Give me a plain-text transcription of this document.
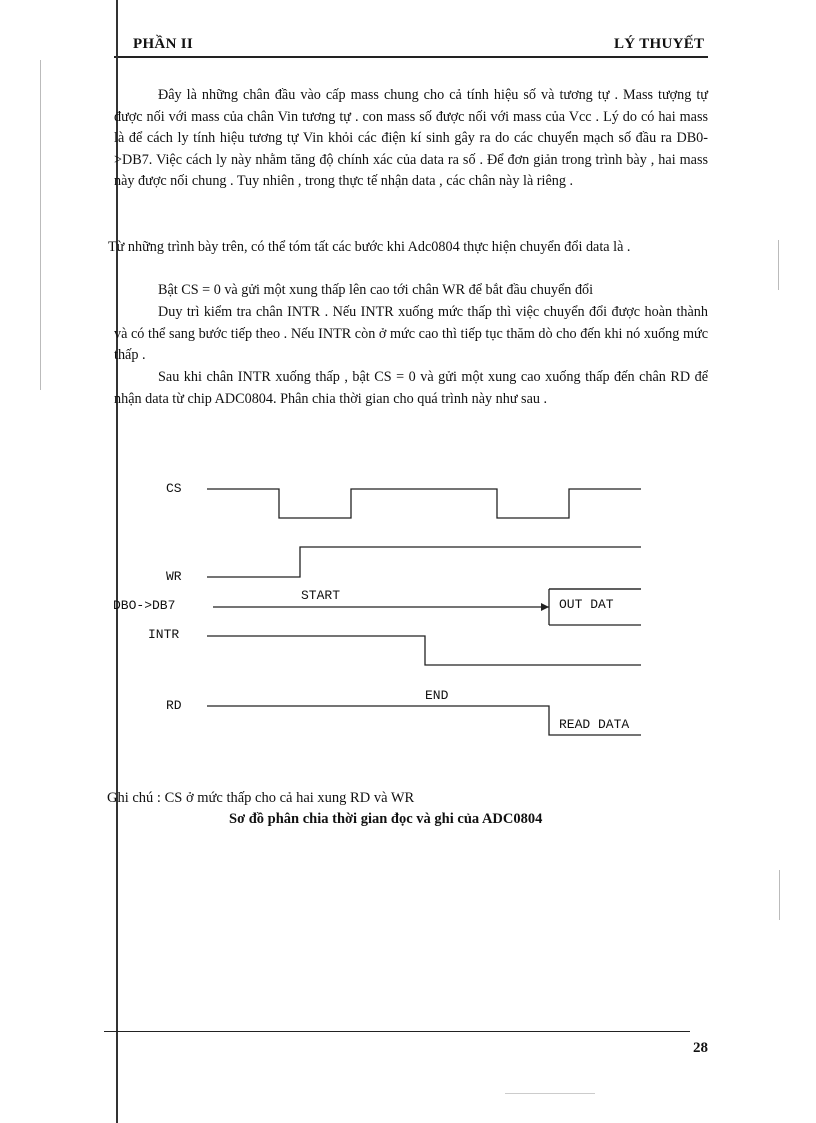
PHẦN II	LÝ THUYẾT

Đây là những chân đầu vào cấp mass chung cho cả tính hiệu số và tương tự . Mass tượng tự được nối với mass của chân Vin tương tự . con mass số được nối với mass của Vcc . Lý do có hai mass là để cách ly tính hiệu tương tự Vin khỏi các điện kí sinh gây ra do các chuyển mạch số đầu ra DB0->DB7. Việc cách ly này nhằm tăng độ chính xác của data ra số . Để đơn giản trong trình bày , hai mass này được nối chung . Tuy nhiên , trong thực tế nhận data , các chân này là riêng .

Từ những trình bày trên, có thể tóm tất các bước khi Adc0804 thực hiện chuyển đổi data là .

Bật CS = 0 và gửi một xung thấp lên cao tới chân WR để bắt đầu chuyển đổi

Duy trì kiểm tra chân INTR . Nếu INTR xuống mức thấp thì việc chuyển đổi được hoàn thành và có thể sang bước tiếp theo . Nếu INTR còn ở mức cao thì tiếp tục thăm dò cho đến khi nó xuống mức thấp .

Sau khi chân INTR xuống thấp , bật CS = 0 và gửi một xung cao xuống thấp đến chân RD để nhận data từ chip ADC0804. Phân chia thời gian cho quá trình này như sau .

CS
WR
DBO->DB7
INTR
RD
START
OUT DAT
END
READ DATA
Ghi chú : CS ở mức thấp cho cả hai xung RD và WR
Sơ đồ phân chia thời gian đọc và ghi của ADC0804
28
